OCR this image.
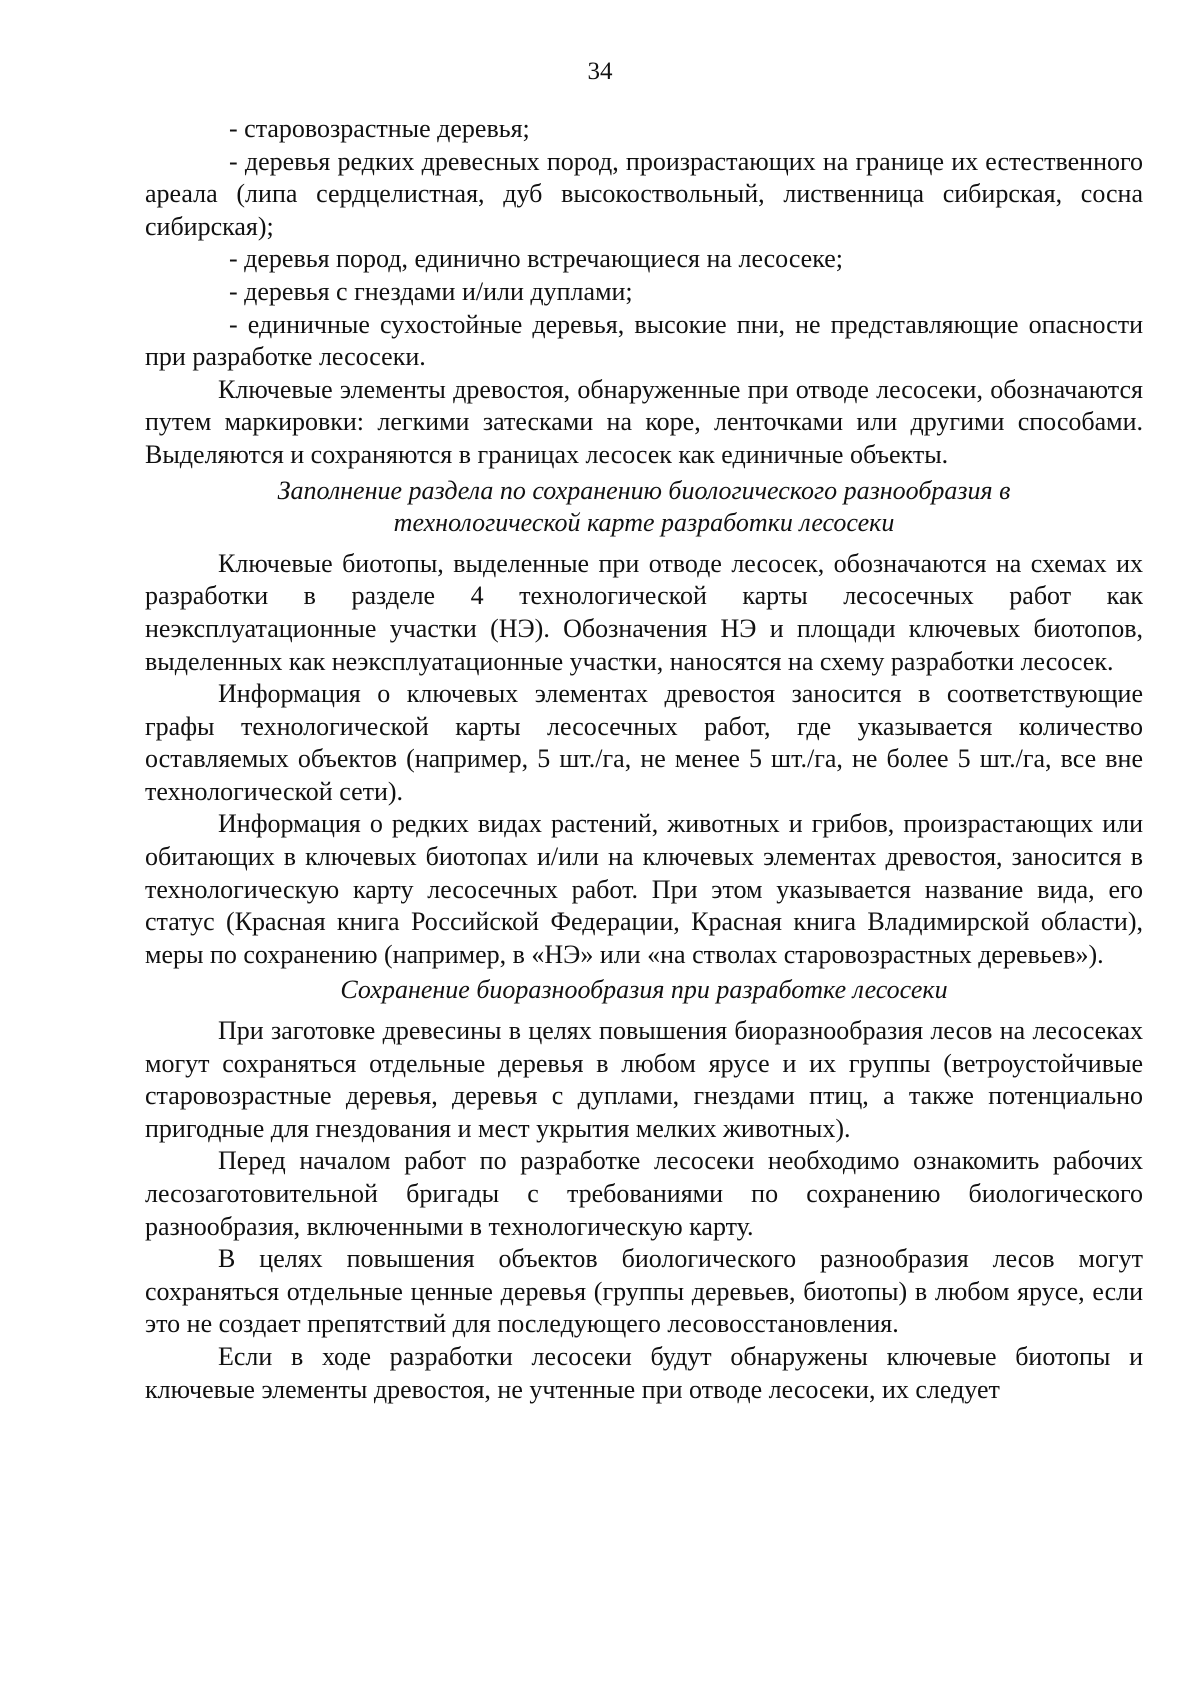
34

- старовозрастные деревья;

- деревья редких древесных пород, произрастающих на границе их естественного ареала (липа сердцелистная, дуб высокоствольный, лиственница сибирская, сосна сибирская);

- деревья пород, единично встречающиеся на лесосеке;

- деревья с гнездами и/или дуплами;

- единичные сухостойные деревья, высокие пни, не представляющие опасности при разработке лесосеки.

Ключевые элементы древостоя, обнаруженные при отводе лесосеки, обозначаются путем маркировки: легкими затесками на коре, ленточками или другими способами. Выделяются и сохраняются в границах лесосек как единичные объекты.

Заполнение раздела по сохранению биологического разнообразия в технологической карте разработки лесосеки

Ключевые биотопы, выделенные при отводе лесосек, обозначаются на схемах их разработки в разделе 4 технологической карты лесосечных работ как неэксплуатационные участки (НЭ). Обозначения НЭ и площади ключевых биотопов, выделенных как неэксплуатационные участки, наносятся на схему разработки лесосек.

Информация о ключевых элементах древостоя заносится в соответствующие графы технологической карты лесосечных работ, где указывается количество оставляемых объектов (например, 5 шт./га, не менее 5 шт./га, не более 5 шт./га, все вне технологической сети).

Информация о редких видах растений, животных и грибов, произрастающих или обитающих в ключевых биотопах и/или на ключевых элементах древостоя, заносится в технологическую карту лесосечных работ. При этом указывается название вида, его статус (Красная книга Российской Федерации, Красная книга Владимирской области), меры по сохранению (например, в «НЭ» или «на стволах старовозрастных деревьев»).

Сохранение биоразнообразия при разработке лесосеки

При заготовке древесины в целях повышения биоразнообразия лесов на лесосеках могут сохраняться отдельные деревья в любом ярусе и их группы (ветроустойчивые старовозрастные деревья, деревья с дуплами, гнездами птиц, а также потенциально пригодные для гнездования и мест укрытия мелких животных).

Перед началом работ по разработке лесосеки необходимо ознакомить рабочих лесозаготовительной бригады с требованиями по сохранению биологического разнообразия, включенными в технологическую карту.

В целях повышения объектов биологического разнообразия лесов могут сохраняться отдельные ценные деревья (группы деревьев, биотопы) в любом ярусе, если это не создает препятствий для последующего лесовосстановления.

Если в ходе разработки лесосеки будут обнаружены ключевые биотопы и ключевые элементы древостоя, не учтенные при отводе лесосеки, их следует
